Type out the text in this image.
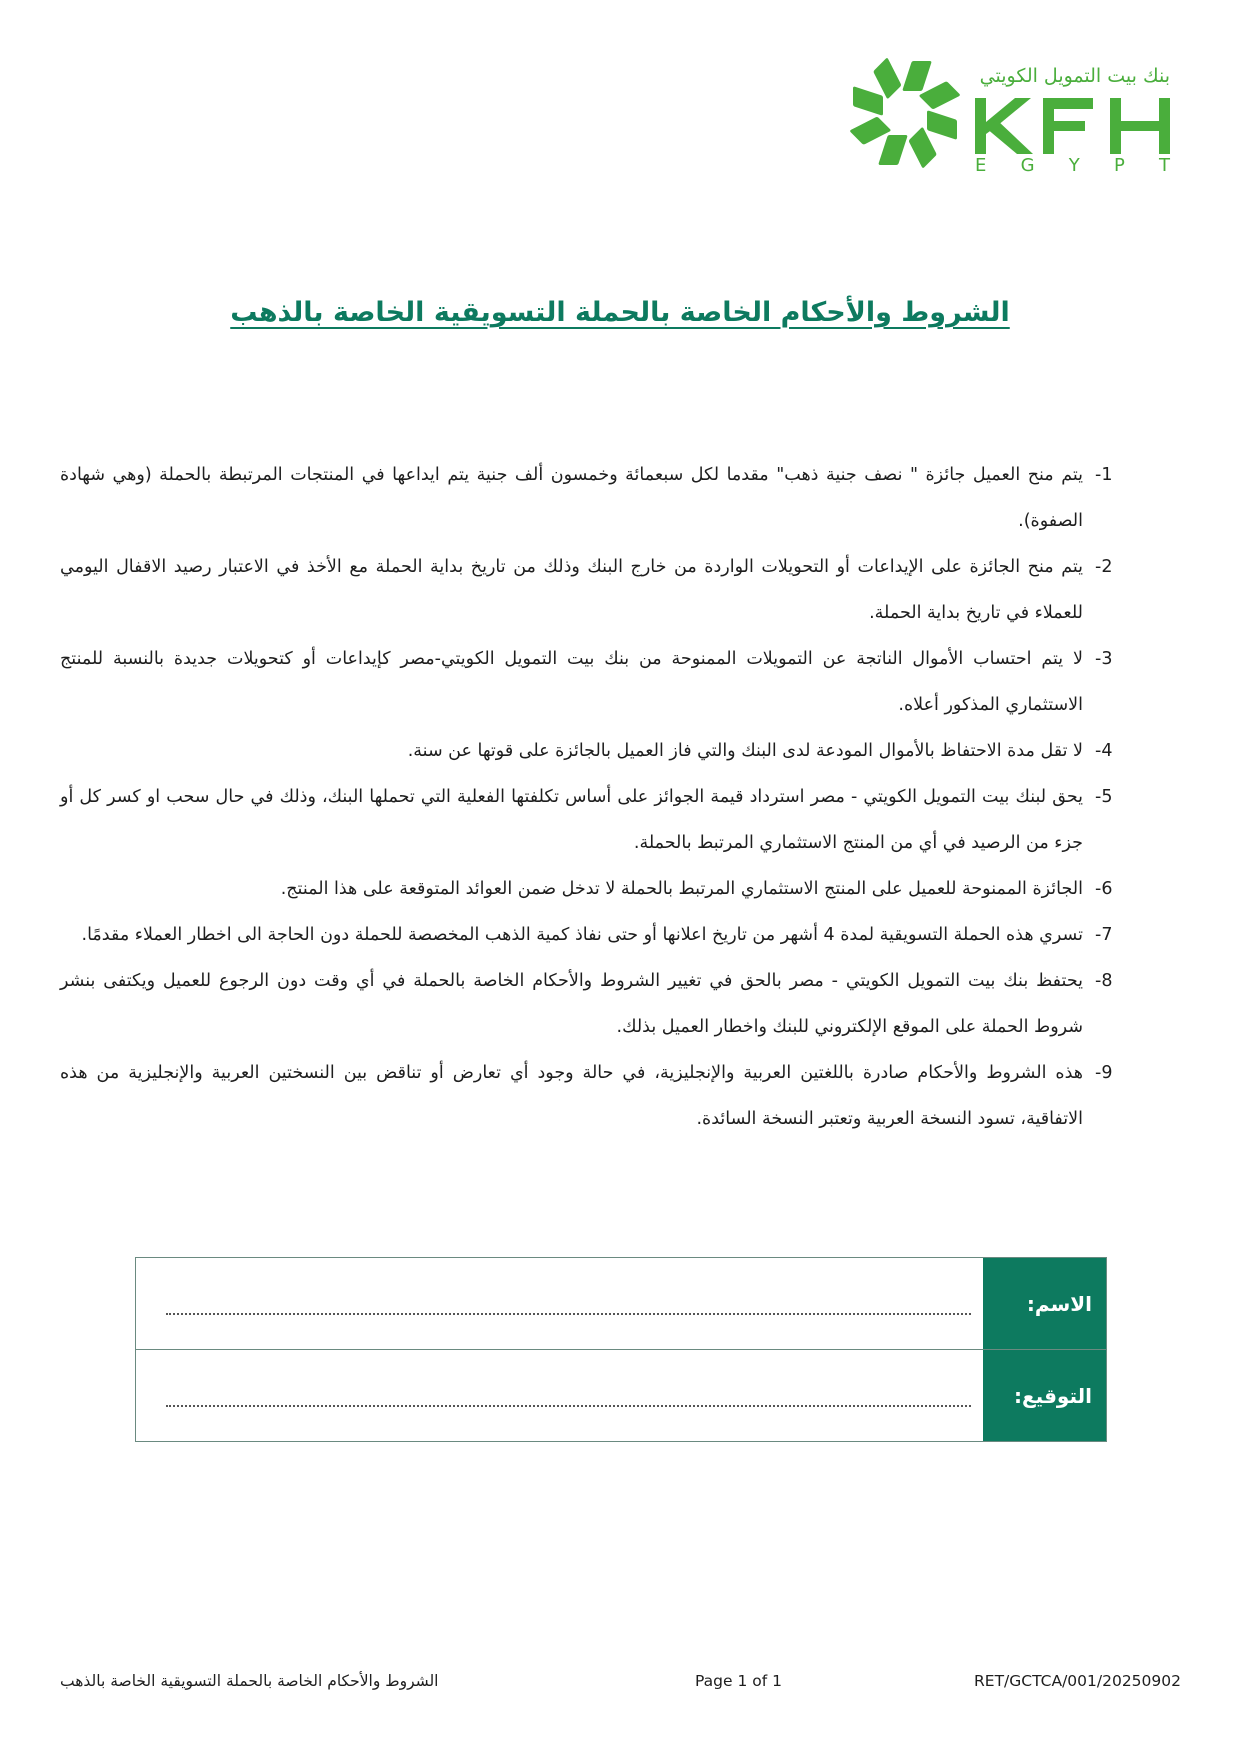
بنك بيت التمويل الكويتي
E G Y P T
الشروط والأحكام الخاصة بالحملة التسويقية الخاصة بالذهب
-1
يتم منح العميل جائزة " نصف جنية ذهب" مقدما لكل سبعمائة وخمسون ألف جنية يتم ايداعها في المنتجات المرتبطة بالحملة (وهي شهادة الصفوة).
-2
يتم منح الجائزة على الإيداعات أو التحويلات الواردة من خارج البنك وذلك من تاريخ بداية الحملة مع الأخذ في الاعتبار رصيد الاقفال اليومي للعملاء في تاريخ بداية الحملة.
-3
لا يتم احتساب الأموال الناتجة عن التمويلات الممنوحة من بنك بيت التمويل الكويتي-مصر كإيداعات أو كتحويلات جديدة بالنسبة للمنتج الاستثماري المذكور أعلاه.
-4
لا تقل مدة الاحتفاظ بالأموال المودعة لدى البنك والتي فاز العميل بالجائزة على قوتها عن سنة.
-5
يحق لبنك بيت التمويل الكويتي - مصر استرداد قيمة الجوائز على أساس تكلفتها الفعلية التي تحملها البنك، وذلك في حال سحب او كسر كل أو جزء من الرصيد في أي من المنتج الاستثماري المرتبط بالحملة.
-6
الجائزة الممنوحة للعميل على المنتج الاستثماري المرتبط بالحملة لا تدخل ضمن العوائد المتوقعة على هذا المنتج.
-7
تسري هذه الحملة التسويقية لمدة 4 أشهر من تاريخ اعلانها أو حتى نفاذ كمية الذهب المخصصة للحملة دون الحاجة الى اخطار العملاء مقدمًا.
-8
يحتفظ بنك بيت التمويل الكويتي - مصر بالحق في تغيير الشروط والأحكام الخاصة بالحملة في أي وقت دون الرجوع للعميل ويكتفى بنشر شروط الحملة على الموقع الإلكتروني للبنك واخطار العميل بذلك.
-9
هذه الشروط والأحكام صادرة باللغتين العربية والإنجليزية، في حالة وجود أي تعارض أو تناقض بين النسختين العربية والإنجليزية من هذه الاتفاقية، تسود النسخة العربية وتعتبر النسخة السائدة.
الاسم:
التوقيع:
الشروط والأحكام الخاصة بالحملة التسويقية الخاصة بالذهب	Page 1 of 1	RET/GCTCA/001/20250902
